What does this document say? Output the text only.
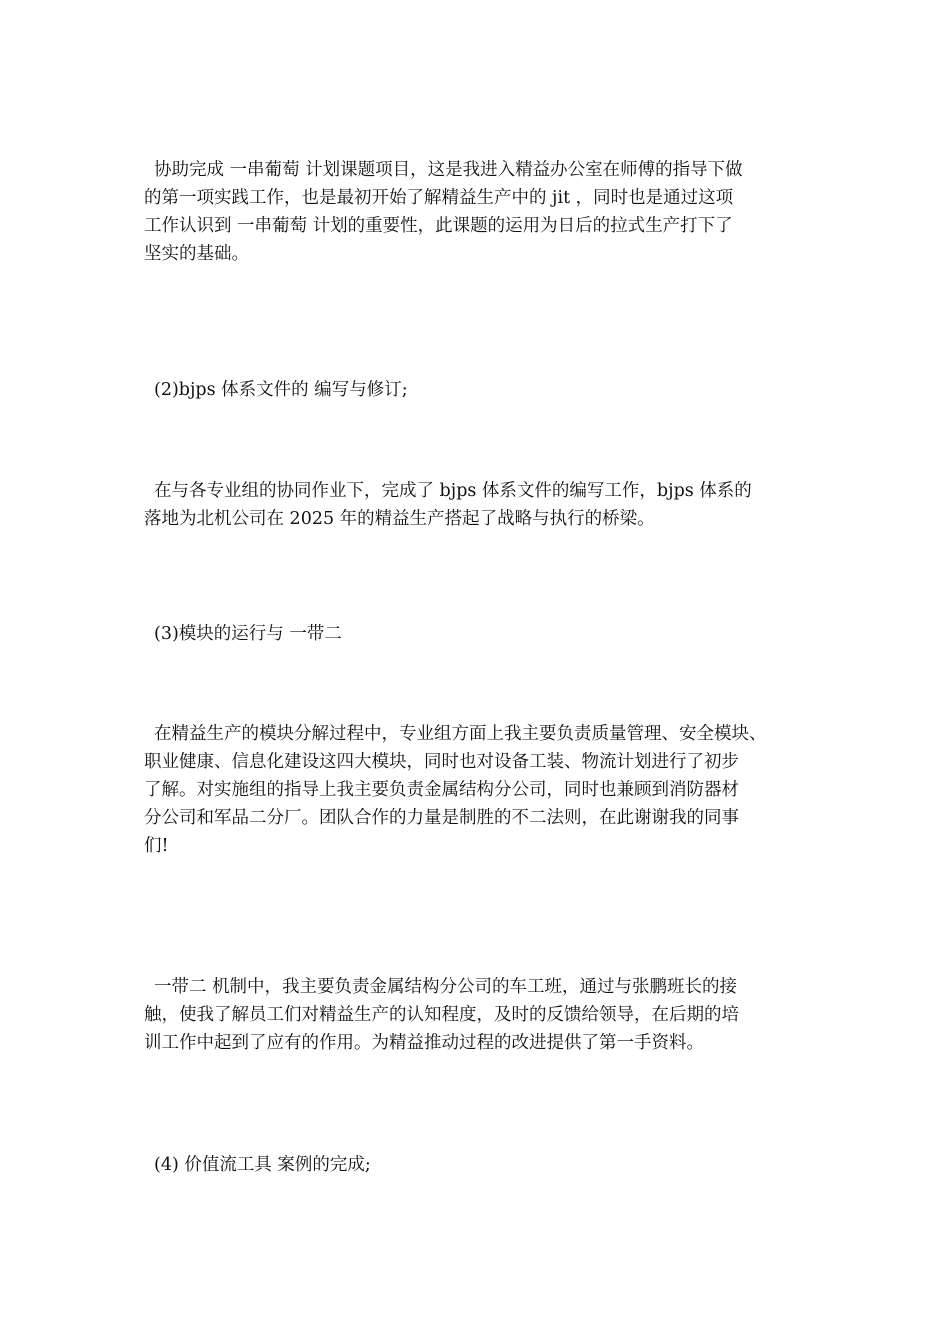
协助完成 一串葡萄 计划课题项目，这是我进入精益办公室在师傅的指导下做
的第一项实践工作，也是最初开始了解精益生产中的 jit ，同时也是通过这项
工作认识到 一串葡萄 计划的重要性，此课题的运用为日后的拉式生产打下了
坚实的基础。
(2)bjps 体系文件的 编写与修订;
在与各专业组的协同作业下，完成了 bjps 体系文件的编写工作，bjps 体系的
落地为北机公司在 2025 年的精益生产搭起了战略与执行的桥梁。
(3)模块的运行与 一带二
在精益生产的模块分解过程中，专业组方面上我主要负责质量管理、安全模块、
职业健康、信息化建设这四大模块，同时也对设备工装、物流计划进行了初步
了解。对实施组的指导上我主要负责金属结构分公司，同时也兼顾到消防器材
分公司和军品二分厂。团队合作的力量是制胜的不二法则，在此谢谢我的同事
们!
一带二 机制中，我主要负责金属结构分公司的车工班，通过与张鹏班长的接
触，使我了解员工们对精益生产的认知程度，及时的反馈给领导，在后期的培
训工作中起到了应有的作用。为精益推动过程的改进提供了第一手资料。
(4) 价值流工具 案例的完成;
